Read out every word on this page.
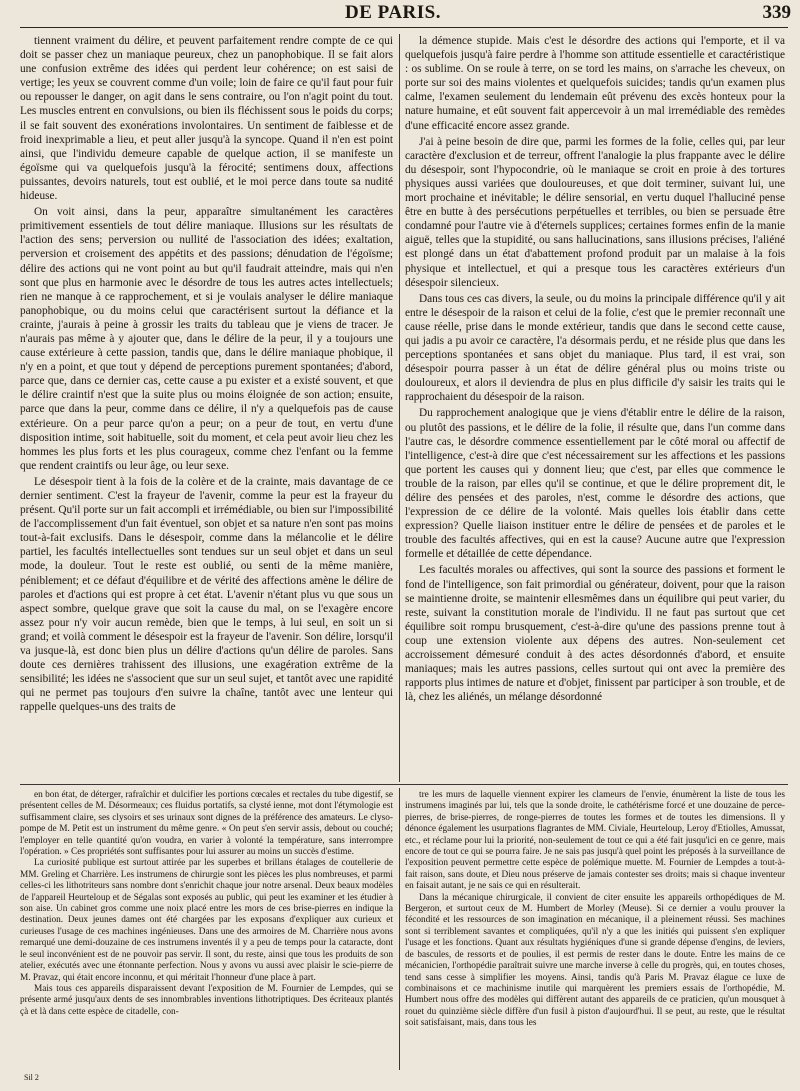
DE PARIS.	339

tiennent vraiment du délire, et peuvent parfaitement rendre compte de ce qui doit se passer chez un maniaque peureux, chez un panophobique. Il se fait alors une confusion extrême des idées qui perdent leur cohérence; on est saisi de vertige; les yeux se couvrent comme d'un voile; loin de faire ce qu'il faut pour fuir ou repousser le danger, on agit dans le sens contraire, ou l'on n'agit point du tout. Les muscles entrent en convulsions, ou bien ils fléchissent sous le poids du corps; il se fait souvent des exonérations involontaires. Un sentiment de faiblesse et de froid inexprimable a lieu, et peut aller jusqu'à la syncope. Quand il n'en est point ainsi, que l'individu demeure capable de quelque action, il se manifeste un égoïsme qui va quelquefois jusqu'à la férocité; sentimens doux, affections puissantes, devoirs naturels, tout est oublié, et le moi perce dans toute sa nudité hideuse.

On voit ainsi, dans la peur, apparaître simultanément les caractères primitivement essentiels de tout délire maniaque. Illusions sur les résultats de l'action des sens; perversion ou nullité de l'association des idées; exaltation, perversion et croisement des appétits et des passions; dénudation de l'égoïsme; délire des actions qui ne vont point au but qu'il faudrait atteindre, mais qui n'en sont que plus en harmonie avec le désordre de tous les autres actes intellectuels; rien ne manque à ce rapprochement, et si je voulais analyser le délire maniaque panophobique, ou du moins celui que caractérisent surtout la défiance et la crainte, j'aurais à peine à grossir les traits du tableau que je viens de tracer. Je n'aurais pas même à y ajouter que, dans le délire de la peur, il y a toujours une cause extérieure à cette passion, tandis que, dans le délire maniaque phobique, il n'y en a point, et que tout y dépend de perceptions purement spontanées; d'abord, parce que, dans ce dernier cas, cette cause a pu exister et a existé souvent, et que le délire craintif n'est que la suite plus ou moins éloignée de son action; ensuite, parce que dans la peur, comme dans ce délire, il n'y a quelquefois pas de cause extérieure. On a peur parce qu'on a peur; on a peur de tout, en vertu d'une disposition intime, soit habituelle, soit du moment, et cela peut avoir lieu chez les hommes les plus forts et les plus courageux, comme chez l'enfant ou la femme que rendent craintifs ou leur âge, ou leur sexe.

Le désespoir tient à la fois de la colère et de la crainte, mais davantage de ce dernier sentiment. C'est la frayeur de l'avenir, comme la peur est la frayeur du présent. Qu'il porte sur un fait accompli et irrémédiable, ou bien sur l'impossibilité de l'accomplissement d'un fait éventuel, son objet et sa nature n'en sont pas moins tout-à-fait exclusifs. Dans le désespoir, comme dans la mélancolie et le délire partiel, les facultés intellectuelles sont tendues sur un seul objet et dans un seul mode, la douleur. Tout le reste est oublié, ou senti de la même manière, péniblement; et ce défaut d'équilibre et de vérité des affections amène le délire de paroles et d'actions qui est propre à cet état. L'avenir n'étant plus vu que sous un aspect sombre, quelque grave que soit la cause du mal, on se l'exagère encore assez pour n'y voir aucun remède, bien que le temps, à lui seul, en soit un si grand; et voilà comment le désespoir est la frayeur de l'avenir. Son délire, lorsqu'il va jusque-là, est donc bien plus un délire d'actions qu'un délire de paroles. Sans doute ces dernières trahissent des illusions, une exagération extrême de la sensibilité; les idées ne s'associent que sur un seul sujet, et tantôt avec une rapidité qui ne permet pas toujours d'en suivre la chaîne, tantôt avec une lenteur qui rappelle quelques-uns des traits de

la démence stupide. Mais c'est le désordre des actions qui l'emporte, et il va quelquefois jusqu'à faire perdre à l'homme son attitude essentielle et caractéristique : os sublime. On se roule à terre, on se tord les mains, on s'arrache les cheveux, on porte sur soi des mains violentes et quelquefois suicides; tandis qu'un examen plus calme, l'examen seulement du lendemain eût prévenu des excès honteux pour la nature humaine, et eût souvent fait appercevoir à un mal irremédiable des remèdes d'une efficacité encore assez grande.

J'ai à peine besoin de dire que, parmi les formes de la folie, celles qui, par leur caractère d'exclusion et de terreur, offrent l'analogie la plus frappante avec le délire du désespoir, sont l'hypocondrie, où le maniaque se croit en proie à des tortures physiques aussi variées que douloureuses, et que doit terminer, suivant lui, une mort prochaine et inévitable; le délire sensorial, en vertu duquel l'halluciné pense être en butte à des persécutions perpétuelles et terribles, ou bien se persuade être condamné pour l'autre vie à d'éternels supplices; certaines formes enfin de la manie aiguë, telles que la stupidité, ou sans hallucinations, sans illusions précises, l'aliéné est plongé dans un état d'abattement profond produit par un malaise à la fois physique et intellectuel, et qui a presque tous les caractères extérieurs d'un désespoir silencieux.

Dans tous ces cas divers, la seule, ou du moins la principale différence qu'il y ait entre le désespoir de la raison et celui de la folie, c'est que le premier reconnaît une cause réelle, prise dans le monde extérieur, tandis que dans le second cette cause, qui jadis a pu avoir ce caractère, l'a désormais perdu, et ne réside plus que dans les perceptions spontanées et sans objet du maniaque. Plus tard, il est vrai, son désespoir pourra passer à un état de délire général plus ou moins triste ou douloureux, et alors il deviendra de plus en plus difficile d'y saisir les traits qui le rapprochaient du désespoir de la raison.

Du rapprochement analogique que je viens d'établir entre le délire de la raison, ou plutôt des passions, et le délire de la folie, il résulte que, dans l'un comme dans l'autre cas, le désordre commence essentiellement par le côté moral ou affectif de l'intelligence, c'est-à dire que c'est nécessairement sur les affections et les passions que portent les causes qui y donnent lieu; que c'est, par elles que commence le trouble de la raison, par elles qu'il se continue, et que le délire proprement dit, le délire des pensées et des paroles, n'est, comme le désordre des actions, que l'expression de ce délire de la volonté. Mais quelles lois établir dans cette expression? Quelle liaison instituer entre le délire de pensées et de paroles et le trouble des facultés affectives, qui en est la cause? Aucune autre que l'expression formelle et détaillée de cette dépendance.

Les facultés morales ou affectives, qui sont la source des passions et forment le fond de l'intelligence, son fait primordial ou générateur, doivent, pour que la raison se maintienne droite, se maintenir ellesmêmes dans un équilibre qui peut varier, du reste, suivant la constitution morale de l'individu. Il ne faut pas surtout que cet équilibre soit rompu brusquement, c'est-à-dire qu'une des passions prenne tout à coup une extension violente aux dépens des autres. Non-seulement cet accroissement démesuré conduit à des actes désordonnés d'abord, et ensuite maniaques; mais les autres passions, celles surtout qui ont avec la première des rapports plus intimes de nature et d'objet, finissent par participer à son trouble, et de là, chez les aliénés, un mélange désordonné

en bon état, de déterger, rafraîchir et dulcifier les portions cœcales et rectales du tube digestif, se présentent celles de M. Désormeaux; ces fluidus portatifs, sa clysté ienne, mot dont l'étymologie est suffisamment claire, ses clysoirs et ses urinaux sont dignes de la préférence des amateurs. Le clyso-pompe de M. Petit est un instrument du même genre. « On peut s'en servir assis, debout ou couché; l'employer en telle quantité qu'on voudra, en varier à volonté la température, sans interrompre l'opération. » Ces propriétés sont suffisantes pour lui assurer au moins un succès d'estime.

La curiosité publique est surtout attirée par les superbes et brillans étalages de coutellerie de MM. Greling et Charrière. Les instrumens de chirurgie sont les pièces les plus nombreuses, et parmi celles-ci les lithotriteurs sans nombre dont s'enrichit chaque jour notre arsenal. Deux beaux modèles de l'appareil Heurteloup et de Ségalas sont exposés au public, qui peut les examiner et les étudier à son aise. Un cabinet gros comme une noix placé entre les mors de ces brise-pierres en indique la destination. Deux jeunes dames ont été chargées par les exposans d'expliquer aux curieux et curieuses l'usage de ces machines ingénieuses. Dans une des armoires de M. Charrière nous avons remarqué une demi-douzaine de ces instrumens inventés il y a peu de temps pour la cataracte, dont le seul inconvénient est de ne pouvoir pas servir. Il sont, du reste, ainsi que tous les produits de son atelier, exécutés avec une étonnante perfection. Nous y avons vu aussi avec plaisir le scie-pierre de M. Pravaz, qui était encore inconnu, et qui méritait l'honneur d'une place à part.

Mais tous ces appareils disparaissent devant l'exposition de M. Fournier de Lempdes, qui se présente armé jusqu'aux dents de ses innombrables inventions lithotriptiques. Des écriteaux plantés çà et là dans cette espèce de citadelle, con-

tre les murs de laquelle viennent expirer les clameurs de l'envie, énumèrent la liste de tous les instrumens imaginés par lui, tels que la sonde droite, le cathétérisme forcé et une douzaine de perce-pierres, de brise-pierres, de ronge-pierres de toutes les formes et de toutes les dimensions. Il y dénonce également les usurpations flagrantes de MM. Civiale, Heurteloup, Leroy d'Etiolles, Amussat, etc., et réclame pour lui la priorité, non-seulement de tout ce qui a été fait jusqu'ici en ce genre, mais encore de tout ce qui se pourra faire. Je ne sais pas jusqu'à quel point les préposés à la surveillance de l'exposition peuvent permettre cette espèce de polémique muette. M. Fournier de Lempdes a tout-à-fait raison, sans doute, et Dieu nous préserve de jamais contester ses droits; mais si chaque inventeur en faisait autant, je ne sais ce qui en résulterait.

Dans la mécanique chirurgicale, il convient de citer ensuite les appareils orthopédiques de M. Bergeron, et surtout ceux de M. Humbert de Morley (Meuse). Si ce dernier a voulu prouver la fécondité et les ressources de son imagination en mécanique, il a pleinement réussi. Ses machines sont si terriblement savantes et compliquées, qu'il n'y a que les initiés qui puissent s'en expliquer l'usage et les fonctions. Quant aux résultats hygiéniques d'une si grande dépense d'engins, de leviers, de bascules, de ressorts et de poulies, il est permis de rester dans le doute. Entre les mains de ce mécanicien, l'orthopédie paraîtrait suivre une marche inverse à celle du progrès, qui, en toutes choses, tend sans cesse à simplifier les moyens. Ainsi, tandis qu'à Paris M. Pravaz élague ce luxe de combinaisons et ce machinisme inutile qui marquèrent les premiers essais de l'orthopédie, M. Humbert nous offre des modèles qui diffèrent autant des appareils de ce praticien, qu'un mousquet à rouet du quinzième siècle diffère d'un fusil à piston d'aujourd'hui. Il se peut, au reste, que le résultat soit satisfaisant, mais, dans tous les

Sil 2
